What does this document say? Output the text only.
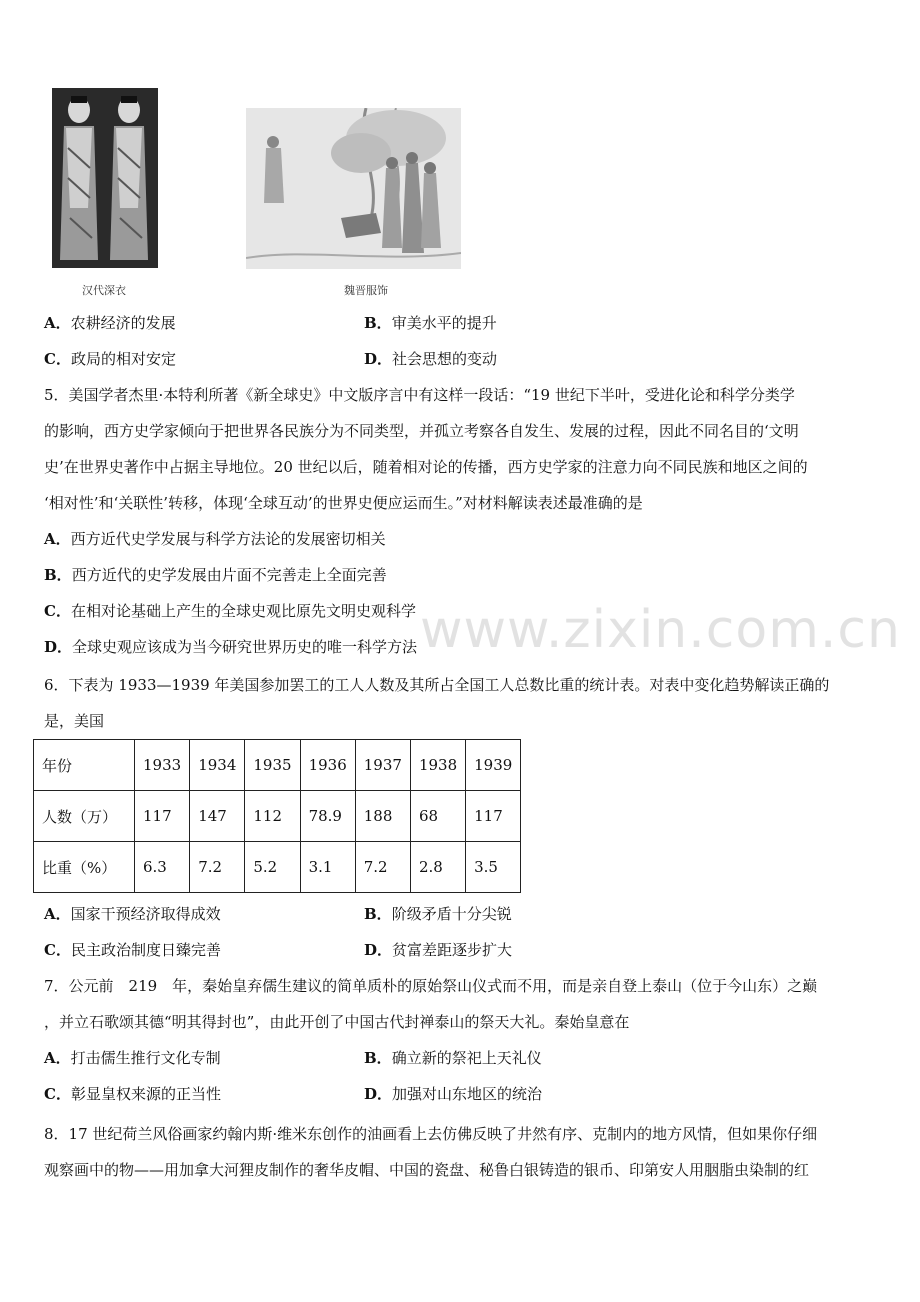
汉代深衣	魏晋服饰
A．农耕经济的发展	B．审美水平的提升
C．政局的相对安定	D．社会思想的变动
5．美国学者杰里·本特利所著《新全球史》中文版序言中有这样一段话：“19 世纪下半叶，受进化论和科学分类学
的影响，西方史学家倾向于把世界各民族分为不同类型，并孤立考察各自发生、发展的过程，因此不同名目的‘文明
史’在世界史著作中占据主导地位。20 世纪以后，随着相对论的传播，西方史学家的注意力向不同民族和地区之间的
‘相对性’和‘关联性’转移，体现‘全球互动’的世界史便应运而生。”对材料解读表述最准确的是
A．西方近代史学发展与科学方法论的发展密切相关
B．西方近代的史学发展由片面不完善走上全面完善
C．在相对论基础上产生的全球史观比原先文明史观科学
D．全球史观应该成为当今研究世界历史的唯一科学方法 www.zixin.com.cn
6．下表为 1933—1939 年美国参加罢工的工人人数及其所占全国工人总数比重的统计表。对表中变化趋势解读正确的
是，美国
年份	1933	1934	1935	1936	1937	1938	1939
人数（万）	117	147	112	78.9	188	68	117
比重（%）	6.3	7.2	5.2	3.1	7.2	2.8	3.5
A．国家干预经济取得成效	B．阶级矛盾十分尖锐
C．民主政治制度日臻完善	D．贫富差距逐步扩大
7．公元前　219　年，秦始皇弃儒生建议的简单质朴的原始祭山仪式而不用，而是亲自登上泰山（位于今山东）之巅
，并立石歌颂其德“明其得封也”，由此开创了中国古代封禅泰山的祭天大礼。秦始皇意在
A．打击儒生推行文化专制	B．确立新的祭祀上天礼仪
C．彰显皇权来源的正当性	D．加强对山东地区的统治
8．17 世纪荷兰风俗画家约翰内斯·维米东创作的油画看上去仿佛反映了井然有序、克制内的地方风情，但如果你仔细
观察画中的物——用加拿大河狸皮制作的奢华皮帽、中国的瓷盘、秘鲁白银铸造的银币、印第安人用胭脂虫染制的红
